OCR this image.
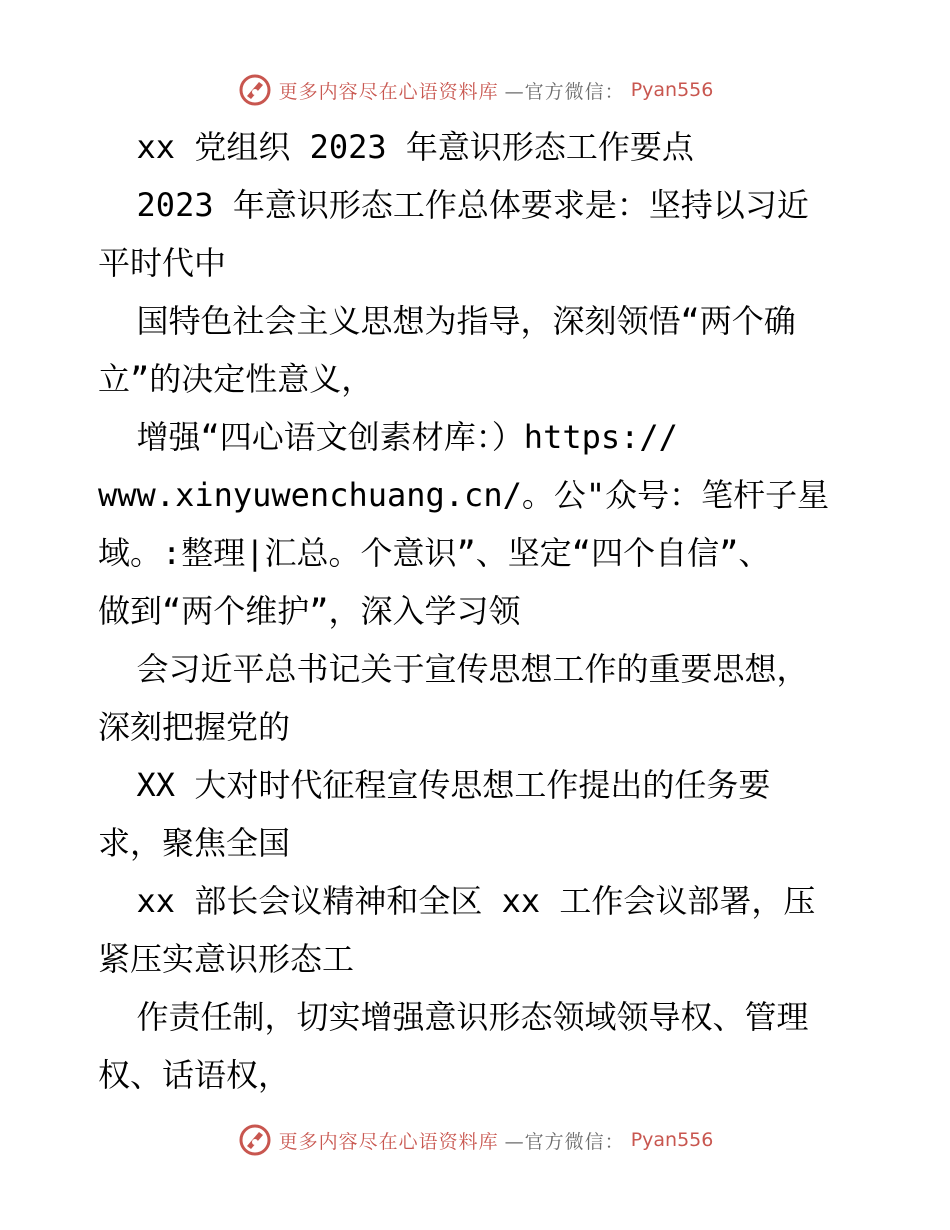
更多内容尽在心语资料库 —官方微信： Pyan556
xx 党组织 2023 年意识形态工作要点
2023 年意识形态工作总体要求是：坚持以习近
平时代中
国特色社会主义思想为指导，深刻领悟“两个确
立”的决定性意义，
增强“四心语文创素材库：）https://
www.xinyuwenchuang.cn/。公"众号：笔杆子星
域。:整理|汇总。个意识”、坚定“四个自信”、
做到“两个维护”，深入学习领
会习近平总书记关于宣传思想工作的重要思想，
深刻把握党的
XX 大对时代征程宣传思想工作提出的任务要
求，聚焦全国
xx 部长会议精神和全区 xx 工作会议部署，压
紧压实意识形态工
作责任制，切实增强意识形态领域领导权、管理
权、话语权，
更多内容尽在心语资料库 —官方微信： Pyan556
